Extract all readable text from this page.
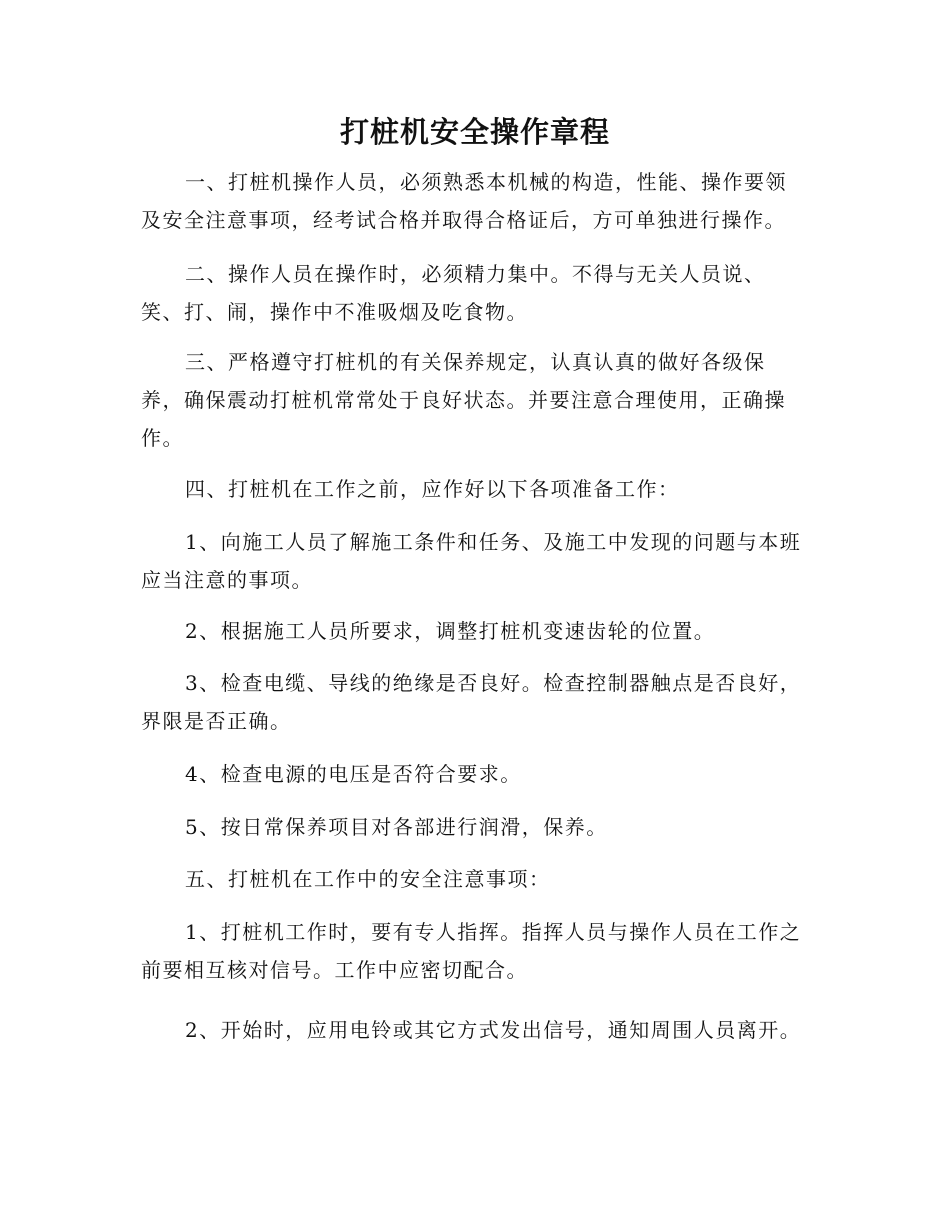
打桩机安全操作章程

一、打桩机操作人员，必须熟悉本机械的构造，性能、操作要领
及安全注意事项，经考试合格并取得合格证后，方可单独进行操作。

二、操作人员在操作时，必须精力集中。不得与无关人员说、
笑、打、闹，操作中不准吸烟及吃食物。

三、严格遵守打桩机的有关保养规定，认真认真的做好各级保
养，确保震动打桩机常常处于良好状态。并要注意合理使用，正确操
作。

四、打桩机在工作之前，应作好以下各项准备工作：

1、向施工人员了解施工条件和任务、及施工中发现的问题与本班
应当注意的事项。

2、根据施工人员所要求，调整打桩机变速齿轮的位置。

3、检查电缆、导线的绝缘是否良好。检查控制器触点是否良好，
界限是否正确。

4、检查电源的电压是否符合要求。

5、按日常保养项目对各部进行润滑，保养。

五、打桩机在工作中的安全注意事项：

1、打桩机工作时，要有专人指挥。指挥人员与操作人员在工作之
前要相互核对信号。工作中应密切配合。

2、开始时，应用电铃或其它方式发出信号，通知周围人员离开。
